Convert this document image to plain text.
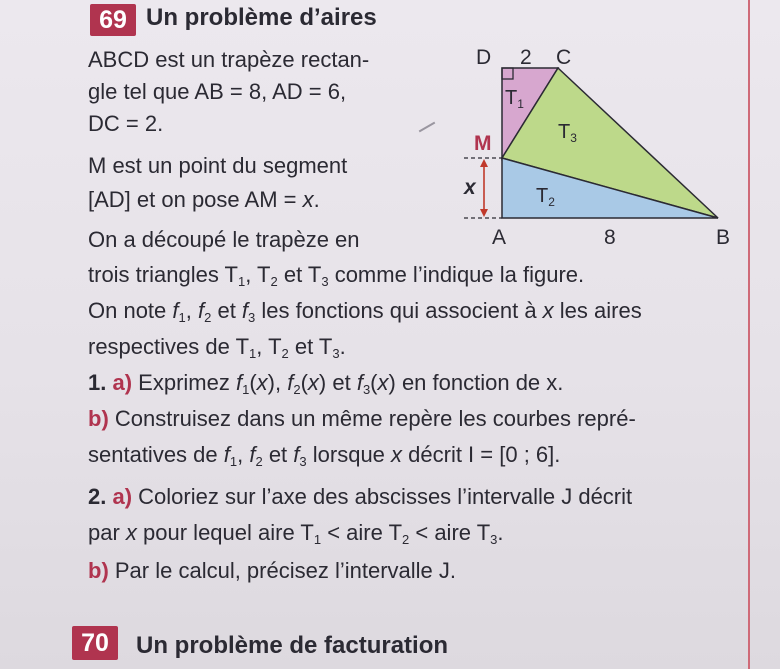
69 Un problème d’aires
ABCD est un trapèze rectan-
gle tel que AB = 8, AD = 6,
DC = 2.
M est un point du segment
[AD] et on pose AM = x.
On a découpé le trapèze en
trois triangles $T_1$, $T_2$ et $T_3$ comme l’indique la figure.
On note $f_1$, $f_2$ et $f_3$ les fonctions qui associent à x les aires
respectives de $T_1$, $T_2$ et $T_3$.
1. a) Exprimez $f_1(x)$, $f_2(x)$ et $f_3(x)$ en fonction de x.
b) Construisez dans un même repère les courbes repré-
sentatives de $f_1$, $f_2$ et $f_3$ lorsque x décrit I = [0 ; 6].
2. a) Coloriez sur l’axe des abscisses l’intervalle J décrit
par x pour lequel aire $T_1$ < aire $T_2$ < aire $T_3$.
b) Par le calcul, précisez l’intervalle J.
70	Un problème de facturation
D 2 C
M
x
A	8	B
$T_1$
$T_3$
$T_2$
